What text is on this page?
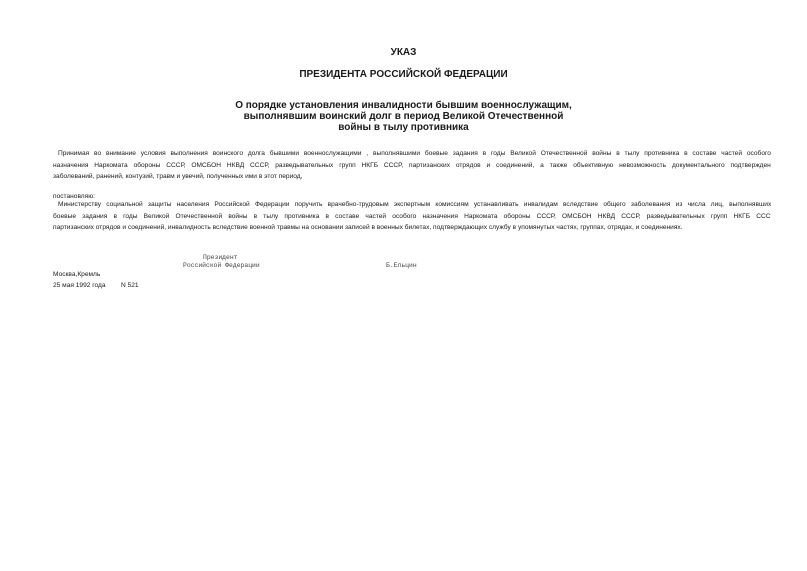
УКАЗ
ПРЕЗИДЕНТА РОССИЙСКОЙ ФЕДЕРАЦИИ
О порядке установления инвалидности бывшим военнослужащим,
выполнявшим воинский долг в период Великой Отечественной
войны в тылу противника
Принимая во внимание условия выполнения воинского долга бывшими военнослужащими , выполнявшими боевые задания в годы Великой Отечественной войны в тылу противника в составе частей особого
назначения Наркомата обороны СССР, ОМСБОН НКВД СССР, разведывательных групп НКГБ СССР, партизанских отрядов и соединений, а также объективную невозможность документального подтвержден
заболеваний, ранений, контузий, травм и увечий, полученных ими в этот период,
постановляю:
Министерству социальной защиты населения Российской Федерации поручить врачебно-трудовым экспертным комиссиям устанавливать инвалидам вследствие общего заболевания из числа лиц, выполнявших
боевые задания в годы Великой Отечественной войны в тылу противника в составе частей особого назначения Наркомата обороны СССР, ОМСБОН НКВД СССР, разведывательных групп НКГБ ССС
партизанских отрядов и соединений, инвалидность вследствие военной травмы на основании записей в военных билетах, подтверждающих службу в упомянутых частях, группах, отрядах, и соединениях.
Президент
Российской Федерации	Б.Ельцин
Москва,Кремль
25 мая 1992 года N 521
